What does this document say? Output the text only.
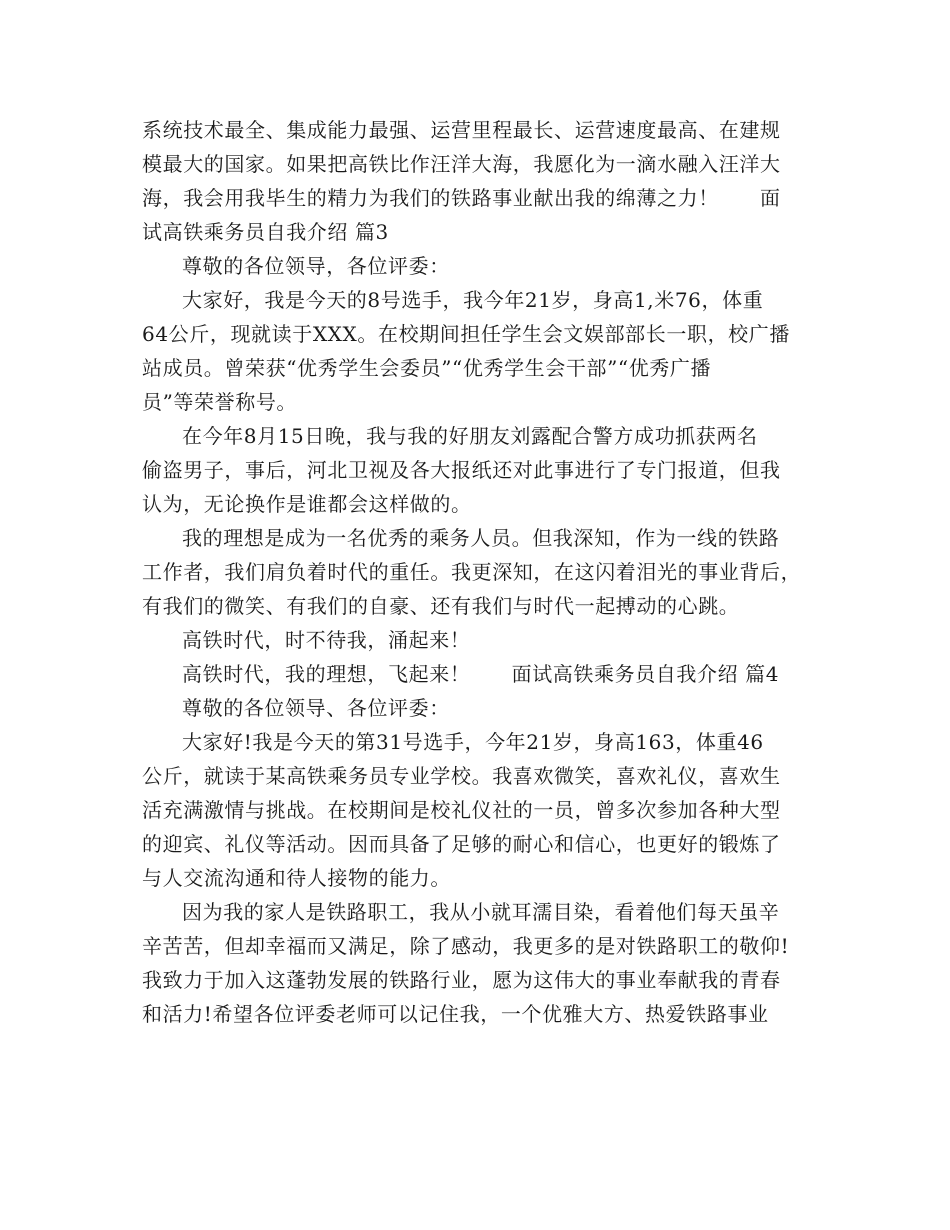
系统技术最全、集成能力最强、运营里程最长、运营速度最高、在建规
模最大的国家。如果把高铁比作汪洋大海，我愿化为一滴水融入汪洋大
海，我会用我毕生的精力为我们的铁路事业献出我的绵薄之力！　　面
试高铁乘务员自我介绍 篇3
尊敬的各位领导，各位评委：
大家好，我是今天的8号选手，我今年21岁，身高1,米76，体重
64公斤，现就读于XXX。在校期间担任学生会文娱部部长一职，校广播
站成员。曾荣获“优秀学生会委员”“优秀学生会干部”“优秀广播
员”等荣誉称号。
在今年8月15日晚，我与我的好朋友刘露配合警方成功抓获两名
偷盗男子，事后，河北卫视及各大报纸还对此事进行了专门报道，但我
认为，无论换作是谁都会这样做的。
我的理想是成为一名优秀的乘务人员。但我深知，作为一线的铁路
工作者，我们肩负着时代的重任。我更深知，在这闪着泪光的事业背后，
有我们的微笑、有我们的自豪、还有我们与时代一起搏动的心跳。
高铁时代，时不待我，涌起来！
高铁时代，我的理想，飞起来！　　面试高铁乘务员自我介绍 篇4
尊敬的各位领导、各位评委：
大家好!我是今天的第31号选手，今年21岁，身高163，体重46
公斤，就读于某高铁乘务员专业学校。我喜欢微笑，喜欢礼仪，喜欢生
活充满激情与挑战。在校期间是校礼仪社的一员，曾多次参加各种大型
的迎宾、礼仪等活动。因而具备了足够的耐心和信心，也更好的锻炼了
与人交流沟通和待人接物的能力。
因为我的家人是铁路职工，我从小就耳濡目染，看着他们每天虽辛
辛苦苦，但却幸福而又满足，除了感动，我更多的是对铁路职工的敬仰!
我致力于加入这蓬勃发展的铁路行业，愿为这伟大的事业奉献我的青春
和活力!希望各位评委老师可以记住我，一个优雅大方、热爱铁路事业
